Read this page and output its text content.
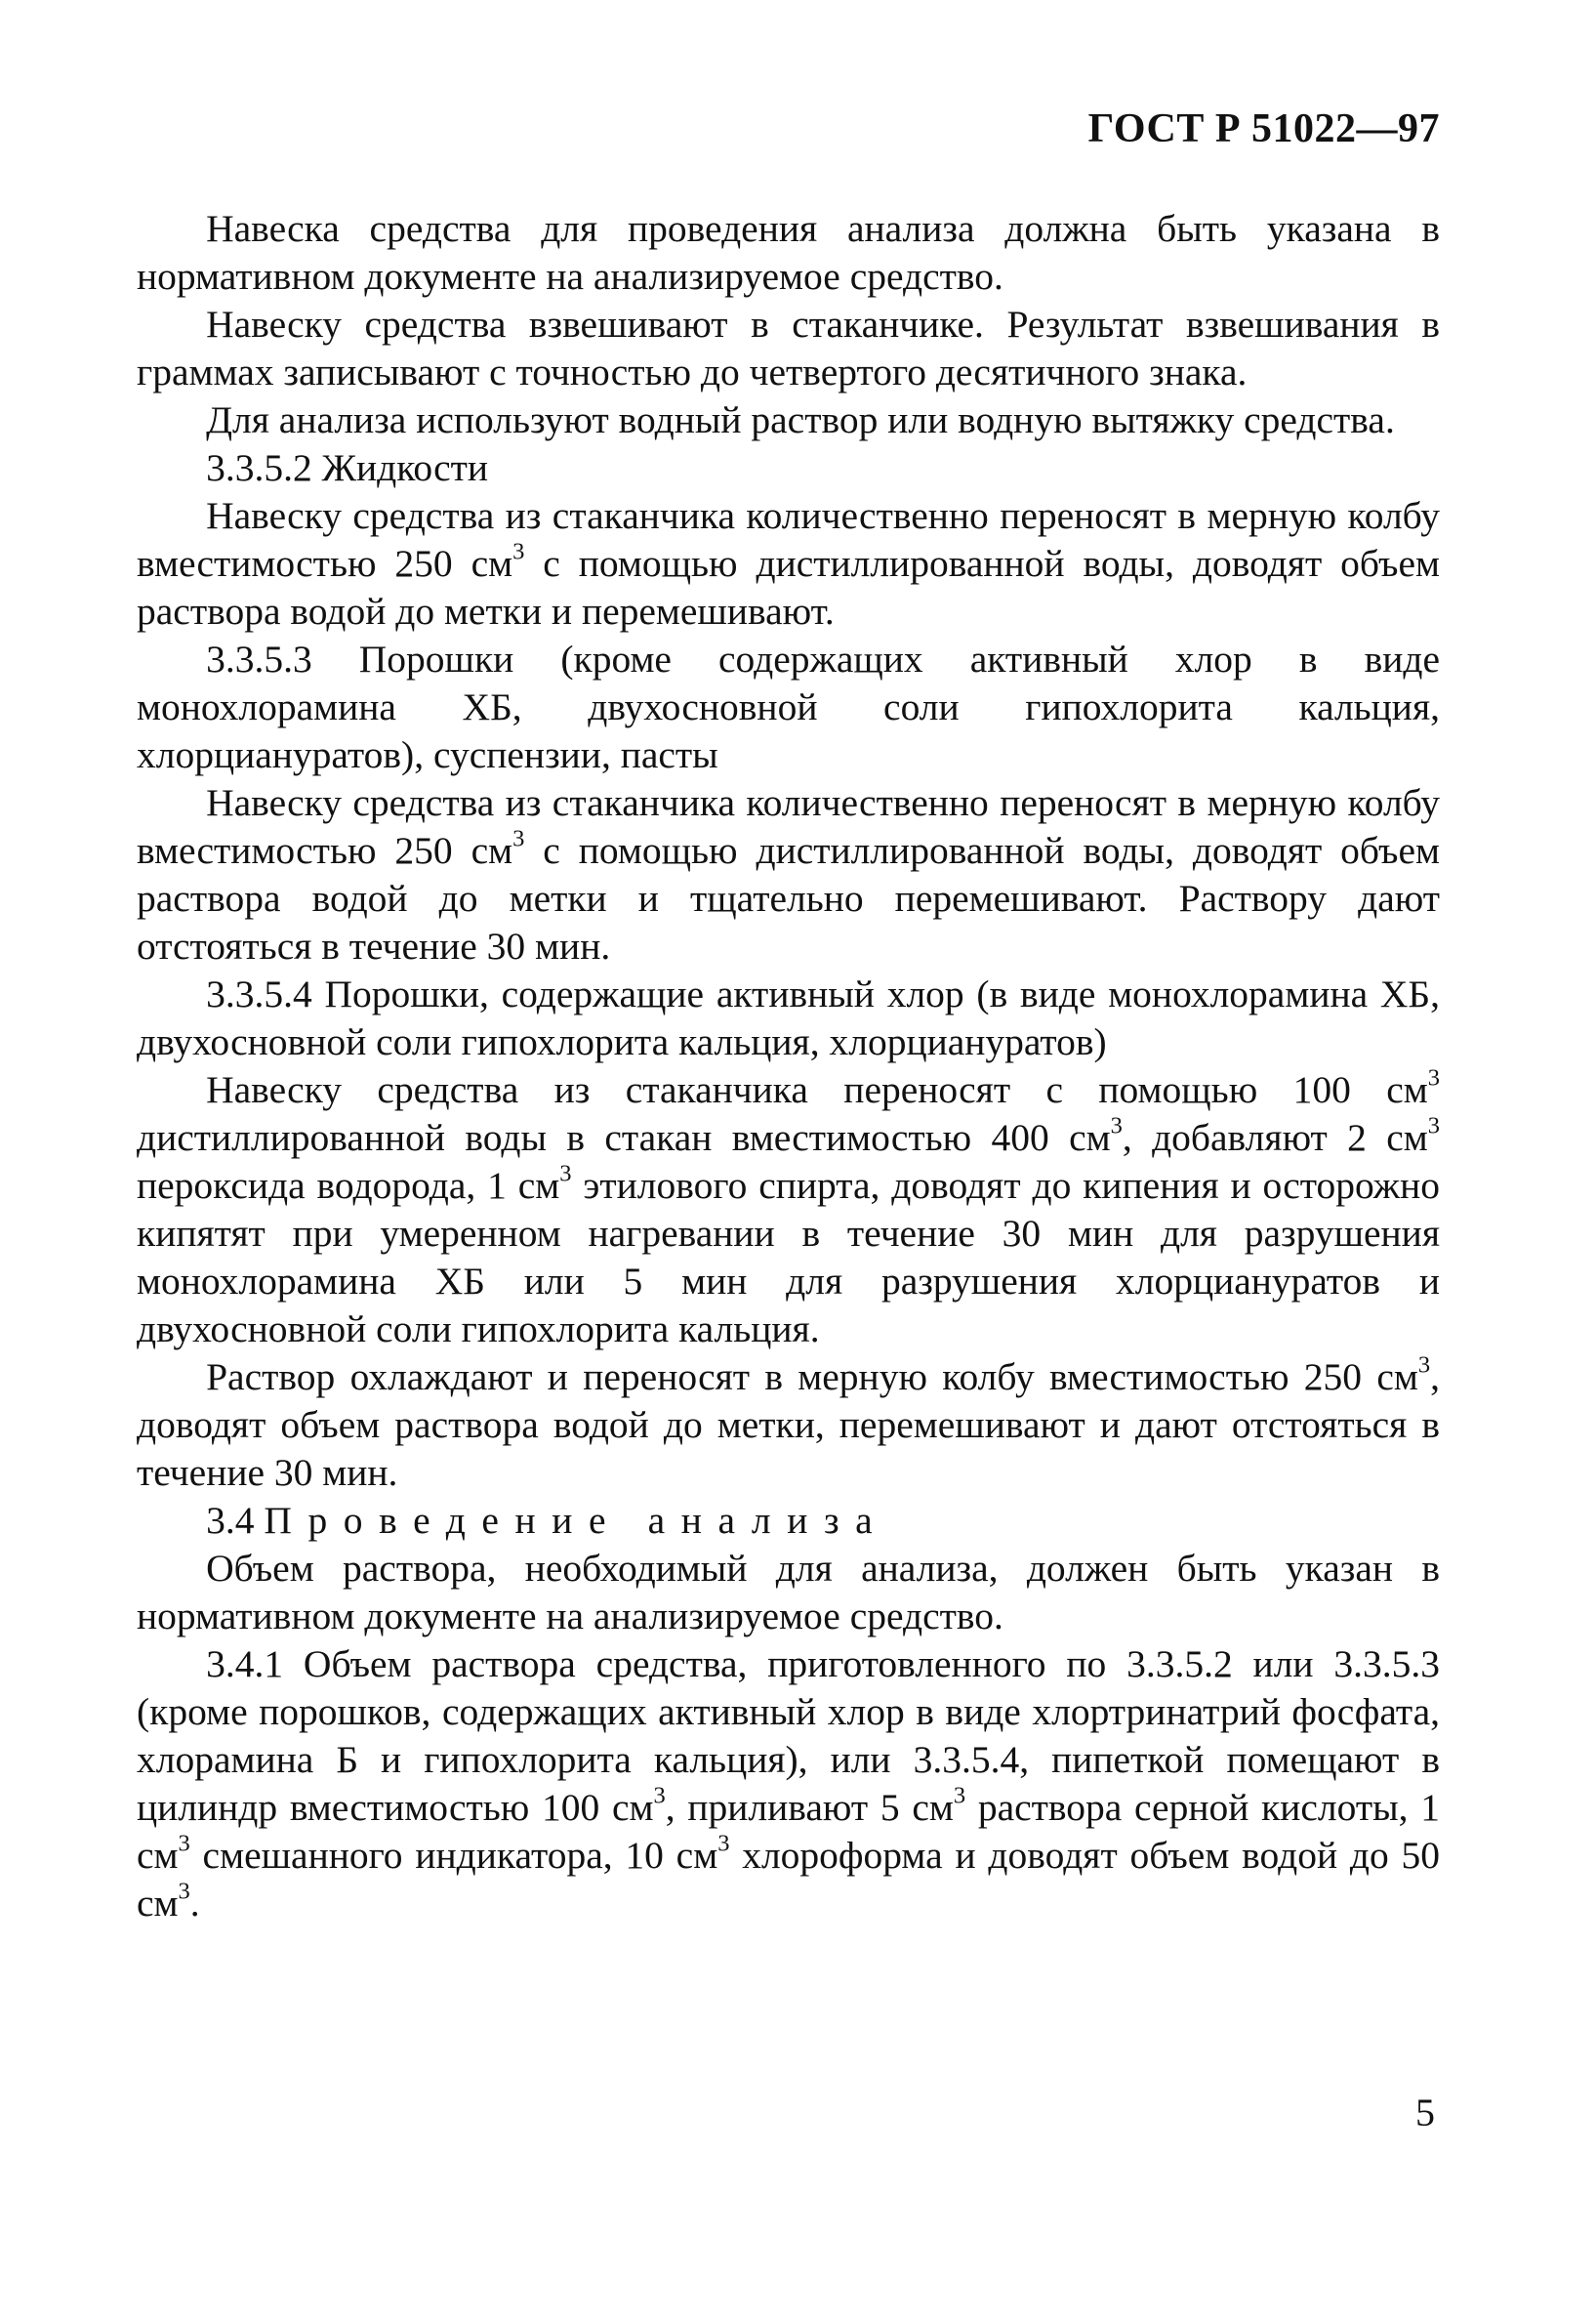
ГОСТ Р 51022—97

Навеска средства для проведения анализа должна быть указана в нормативном документе на анализируемое средство.

Навеску средства взвешивают в стаканчике. Результат взвешивания в граммах записывают с точностью до четвертого десятичного знака.

Для анализа используют водный раствор или водную вытяжку средства.

3.3.5.2 Жидкости

Навеску средства из стаканчика количественно переносят в мерную колбу вместимостью 250 $см^3$ с помощью дистиллированной воды, доводят объем раствора водой до метки и перемешивают.

3.3.5.3 Порошки (кроме содержащих активный хлор в виде монохлорамина ХБ, двухосновной соли гипохлорита кальция, хлорциануратов), суспензии, пасты

Навеску средства из стаканчика количественно переносят в мерную колбу вместимостью 250 $см^3$ с помощью дистиллированной воды, доводят объем раствора водой до метки и тщательно перемешивают. Раствору дают отстояться в течение 30 мин.

3.3.5.4 Порошки, содержащие активный хлор (в виде монохлорамина ХБ, двухосновной соли гипохлорита кальция, хлорциануратов)

Навеску средства из стаканчика переносят с помощью 100 $см^3$ дистиллированной воды в стакан вместимостью 400 $см^3$, добавляют 2 $см^3$ пероксида водорода, 1 $см^3$ этилового спирта, доводят до кипения и осторожно кипятят при умеренном нагревании в течение 30 мин для разрушения монохлорамина ХБ или 5 мин для разрушения хлорциануратов и двухосновной соли гипохлорита кальция.

Раствор охлаждают и переносят в мерную колбу вместимостью 250 $см^3$, доводят объем раствора водой до метки, перемешивают и дают отстояться в течение 30 мин.

3.4 Проведение анализа

Объем раствора, необходимый для анализа, должен быть указан в нормативном документе на анализируемое средство.

3.4.1 Объем раствора средства, приготовленного по 3.3.5.2 или 3.3.5.3 (кроме порошков, содержащих активный хлор в виде хлортринатрий фосфата, хлорамина Б и гипохлорита кальция), или 3.3.5.4, пипеткой помещают в цилиндр вместимостью 100 $см^3$, приливают 5 $см^3$ раствора серной кислоты, 1 $см^3$ смешанного индикатора, 10 $см^3$ хлороформа и доводят объем водой до 50 $см^3$.

5
